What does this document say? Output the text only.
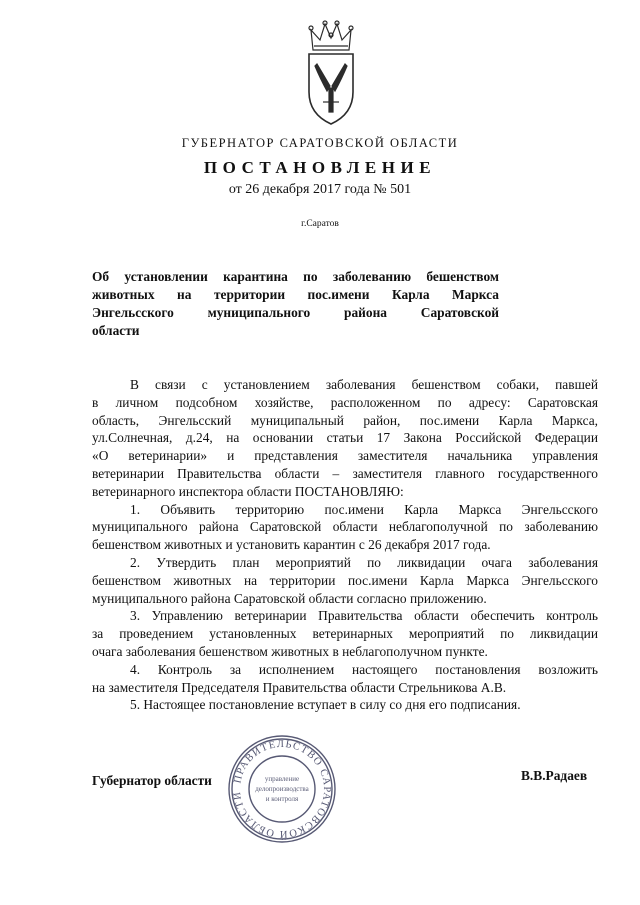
ГУБЕРНАТОР САРАТОВСКОЙ ОБЛАСТИ
ПОСТАНОВЛЕНИЕ
от 26 декабря 2017 года № 501
г.Саратов
Об установлении карантина по заболеванию бешенством
животных на территории пос.имени Карла Маркса
Энгельсского муниципального района Саратовской
области
В связи с установлением заболевания бешенством собаки, павшей
в личном подсобном хозяйстве, расположенном по адресу: Саратовская
область, Энгельсский муниципальный район, пос.имени Карла Маркса,
ул.Солнечная, д.24, на основании статьи 17 Закона Российской Федерации
«О ветеринарии» и представления заместителя начальника управления
ветеринарии Правительства области – заместителя главного государственного
ветеринарного инспектора области ПОСТАНОВЛЯЮ:
1. Объявить территорию пос.имени Карла Маркса Энгельсского
муниципального района Саратовской области неблагополучной по заболеванию
бешенством животных и установить карантин с 26 декабря 2017 года.
2. Утвердить план мероприятий по ликвидации очага заболевания
бешенством животных на территории пос.имени Карла Маркса Энгельсского
муниципального района Саратовской области согласно приложению.
3. Управлению ветеринарии Правительства области обеспечить контроль
за проведением установленных ветеринарных мероприятий по ликвидации
очага заболевания бешенством животных в неблагополучном пункте.
4. Контроль за исполнением настоящего постановления возложить
на заместителя Председателя Правительства области Стрельникова А.В.
5. Настоящее постановление вступает в силу со дня его подписания.
Губернатор области	В.В.Радаев
ПРАВИТЕЛЬСТВО САРАТОВСКОЙ ОБЛАСТИ
управление
делопроизводства
и контроля
